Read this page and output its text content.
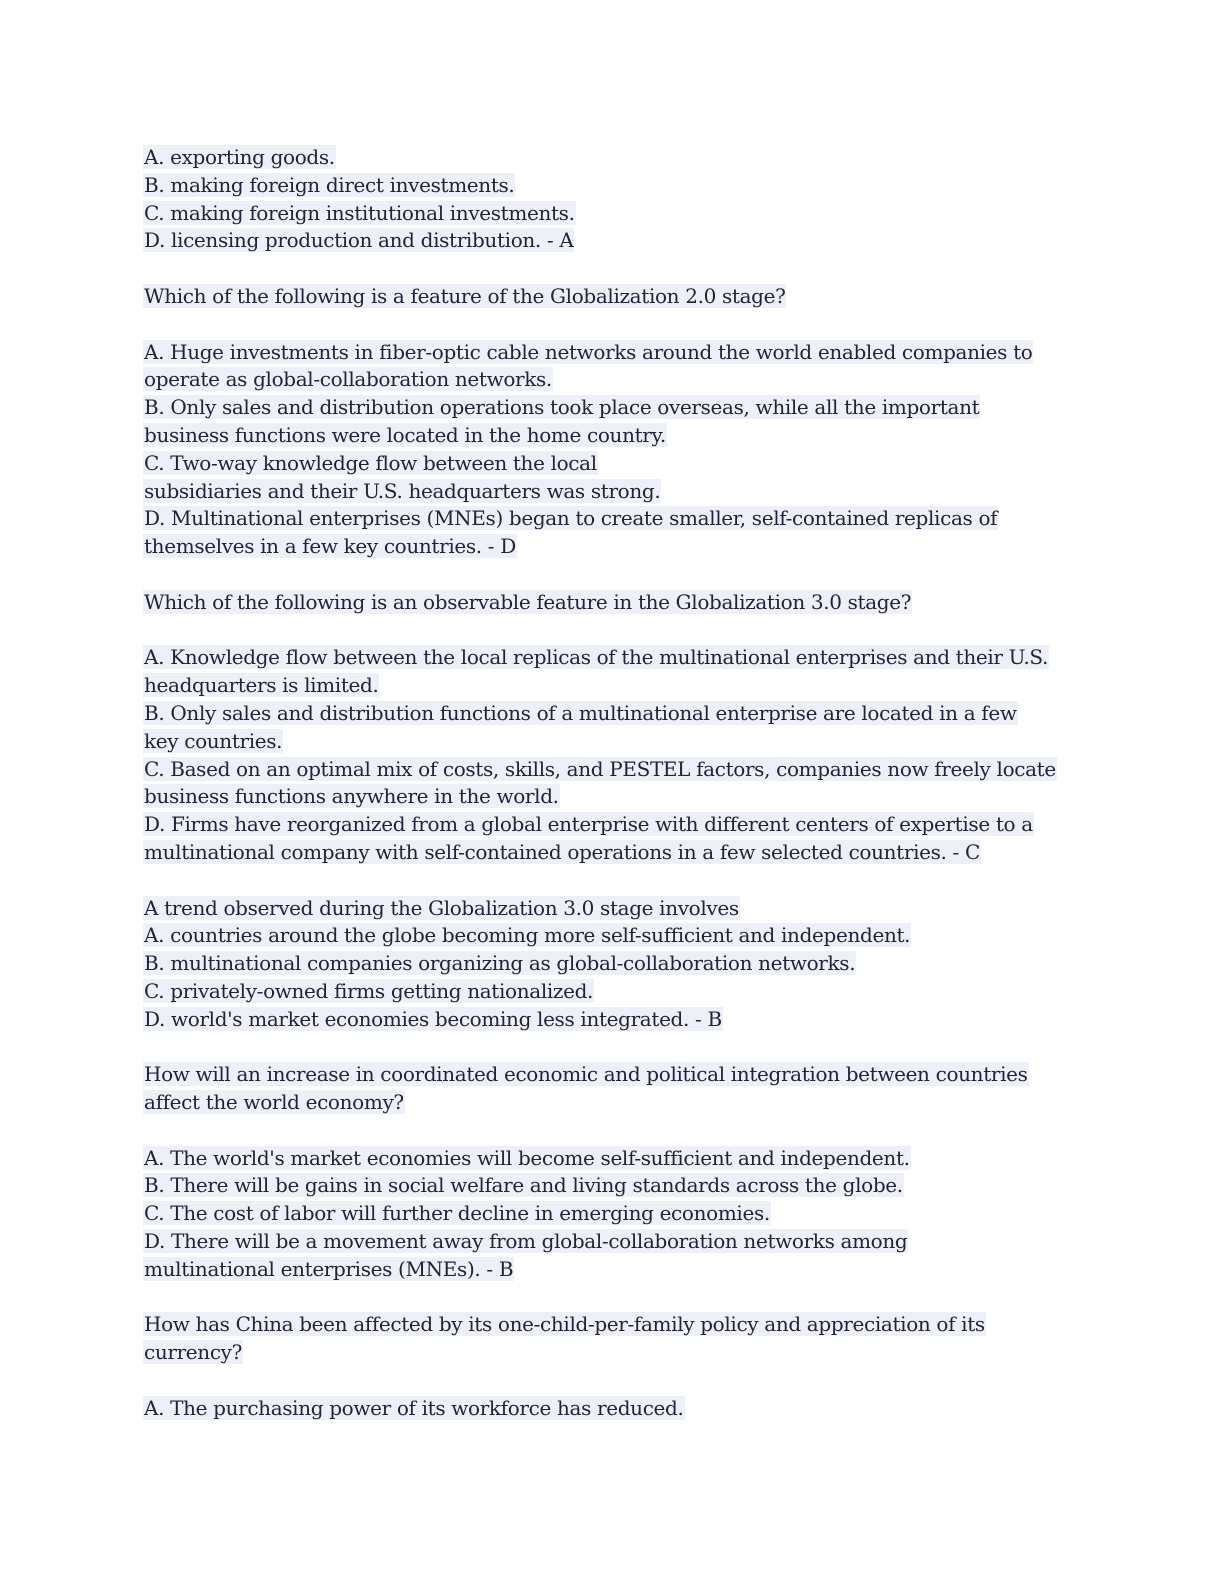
A. exporting goods.
B. making foreign direct investments.
C. making foreign institutional investments.
D. licensing production and distribution. - A
Which of the following is a feature of the Globalization 2.0 stage?
A. Huge investments in fiber-optic cable networks around the world enabled companies to
operate as global-collaboration networks.
B. Only sales and distribution operations took place overseas, while all the important
business functions were located in the home country.
C. Two-way knowledge flow between the local
subsidiaries and their U.S. headquarters was strong.
D. Multinational enterprises (MNEs) began to create smaller, self-contained replicas of
themselves in a few key countries. - D
Which of the following is an observable feature in the Globalization 3.0 stage?
A. Knowledge flow between the local replicas of the multinational enterprises and their U.S.
headquarters is limited.
B. Only sales and distribution functions of a multinational enterprise are located in a few
key countries.
C. Based on an optimal mix of costs, skills, and PESTEL factors, companies now freely locate
business functions anywhere in the world.
D. Firms have reorganized from a global enterprise with different centers of expertise to a
multinational company with self-contained operations in a few selected countries. - C
A trend observed during the Globalization 3.0 stage involves
A. countries around the globe becoming more self-sufficient and independent.
B. multinational companies organizing as global-collaboration networks.
C. privately-owned firms getting nationalized.
D. world's market economies becoming less integrated. - B
How will an increase in coordinated economic and political integration between countries
affect the world economy?
A. The world's market economies will become self-sufficient and independent.
B. There will be gains in social welfare and living standards across the globe.
C. The cost of labor will further decline in emerging economies.
D. There will be a movement away from global-collaboration networks among
multinational enterprises (MNEs). - B
How has China been affected by its one-child-per-family policy and appreciation of its
currency?
A. The purchasing power of its workforce has reduced.
